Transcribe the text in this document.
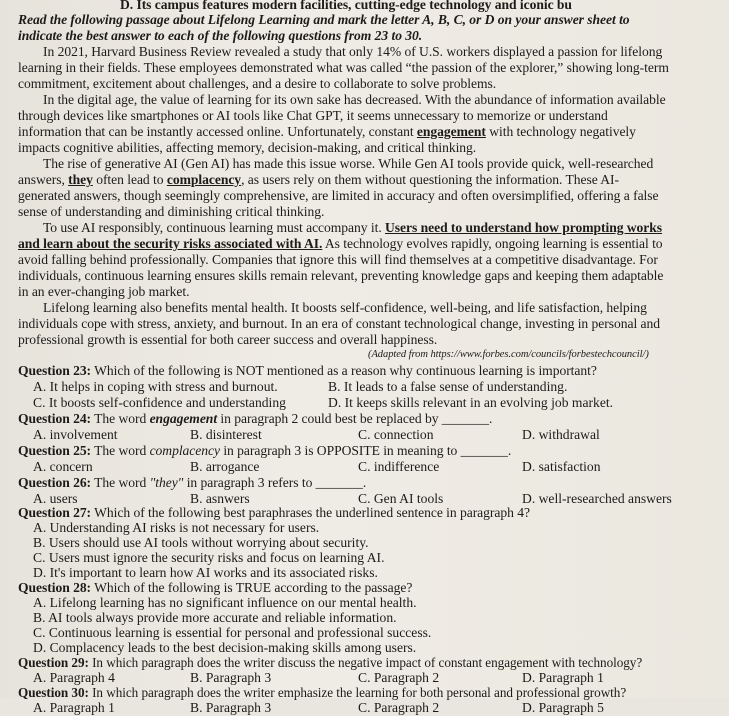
D. Its campus features modern facilities, cutting-edge technology and iconic bu
Read the following passage about Lifelong Learning and mark the letter A, B, C, or D on your answer sheet to
indicate the best answer to each of the following questions from 23 to 30.
In 2021, Harvard Business Review revealed a study that only 14% of U.S. workers displayed a passion for lifelong
learning in their fields. These employees demonstrated what was called “the passion of the explorer,” showing long-term
commitment, excitement about challenges, and a desire to collaborate to solve problems.
In the digital age, the value of learning for its own sake has decreased. With the abundance of information available
through devices like smartphones or AI tools like Chat GPT, it seems unnecessary to memorize or understand
information that can be instantly accessed online. Unfortunately, constant engagement with technology negatively
impacts cognitive abilities, affecting memory, decision-making, and critical thinking.
The rise of generative AI (Gen AI) has made this issue worse. While Gen AI tools provide quick, well-researched
answers, they often lead to complacency, as users rely on them without questioning the information. These AI-
generated answers, though seemingly comprehensive, are limited in accuracy and often oversimplified, offering a false
sense of understanding and diminishing critical thinking.
To use AI responsibly, continuous learning must accompany it. Users need to understand how prompting works
and learn about the security risks associated with AI. As technology evolves rapidly, ongoing learning is essential to
avoid falling behind professionally. Companies that ignore this will find themselves at a competitive disadvantage. For
individuals, continuous learning ensures skills remain relevant, preventing knowledge gaps and keeping them adaptable
in an ever-changing job market.
Lifelong learning also benefits mental health. It boosts self-confidence, well-being, and life satisfaction, helping
individuals cope with stress, anxiety, and burnout. In an era of constant technological change, investing in personal and
professional growth is essential for both career success and overall happiness.
(Adapted from https://www.forbes.com/councils/forbestechcouncil/)
Question 23: Which of the following is NOT mentioned as a reason why continuous learning is important?
A. It helps in coping with stress and burnout.	B. It leads to a false sense of understanding.
C. It boosts self-confidence and understanding	D. It keeps skills relevant in an evolving job market.
Question 24: The word engagement in paragraph 2 could best be replaced by _______.
A. involvement	B. disinterest	C. connection	D. withdrawal
Question 25: The word complacency in paragraph 3 is OPPOSITE in meaning to _______.
A. concern	B. arrogance	C. indifference	D. satisfaction
Question 26: The word "they" in paragraph 3 refers to _______.
A. users	B. asnwers	C. Gen AI tools	D. well-researched answers
Question 27: Which of the following best paraphrases the underlined sentence in paragraph 4?
A. Understanding AI risks is not necessary for users.
B. Users should use AI tools without worrying about security.
C. Users must ignore the security risks and focus on learning AI.
D. It's important to learn how AI works and its associated risks.
Question 28: Which of the following is TRUE according to the passage?
A. Lifelong learning has no significant influence on our mental health.
B. AI tools always provide more accurate and reliable information.
C. Continuous learning is essential for personal and professional success.
D. Complacency leads to the best decision-making skills among users.
Question 29: In which paragraph does the writer discuss the negative impact of constant engagement with technology?
A. Paragraph 4	B. Paragraph 3	C. Paragraph 2	D. Paragraph 1
Question 30: In which paragraph does the writer emphasize the learning for both personal and professional growth?
A. Paragraph 1	B. Paragraph 3	C. Paragraph 2	D. Paragraph 5
